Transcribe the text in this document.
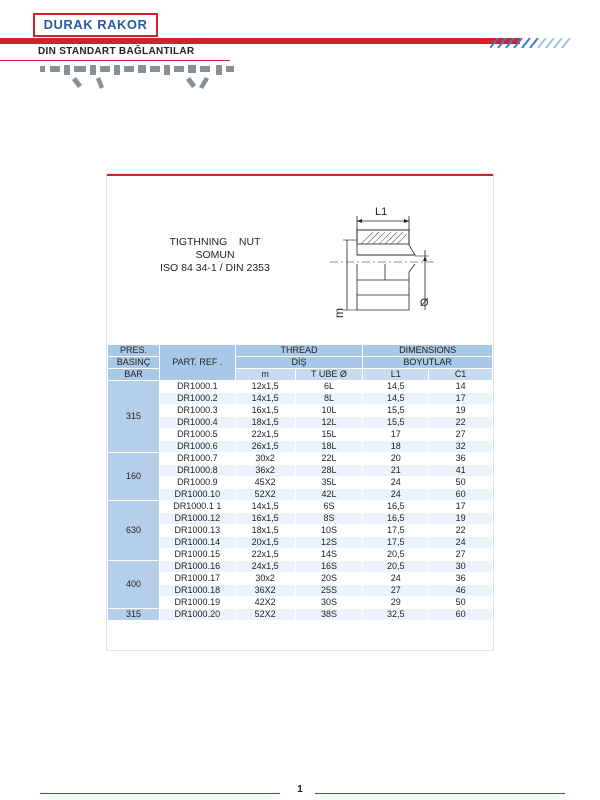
DURAK RAKOR
DIN STANDART BAĞLANTILAR
TIGTHNING    NUT
SOMUN
ISO 84 34-1 / DIN 2353
L1
m
Ø
PRES.	PART. REF .	THREAD		DIMENSIONS	
BASINÇ		DİŞ		BOYUTLAR	
BAR		m	T UBE Ø	L1	C1
315	DR1000.1	12x1,5	6L	14,5	14
	DR1000.2	14x1,5	8L	14,5	17
	DR1000.3	16x1,5	10L	15,5	19
	DR1000.4	18x1,5	12L	15,5	22
	DR1000.5	22x1,5	15L	17	27
	DR1000.6	26x1,5	18L	18	32
160	DR1000.7	30x2	22L	20	36
	DR1000.8	36x2	28L	21	41
	DR1000.9	45X2	35L	24	50
	DR1000.10	52X2	42L	24	60
630	DR1000.1 1	14x1,5	6S	16,5	17
	DR1000.12	16x1,5	8S	16,5	19
	DR1000.13	18x1,5	10S	17,5	22
	DR1000.14	20x1,5	12S	17,5	24
	DR1000.15	22x1,5	14S	20,5	27
400	DR1000.16	24x1,5	16S	20,5	30
	DR1000.17	30x2	20S	24	36
	DR1000.18	36X2	25S	27	46
	DR1000.19	42X2	30S	29	50
315	DR1000.20	52X2	38S	32,5	60
1
